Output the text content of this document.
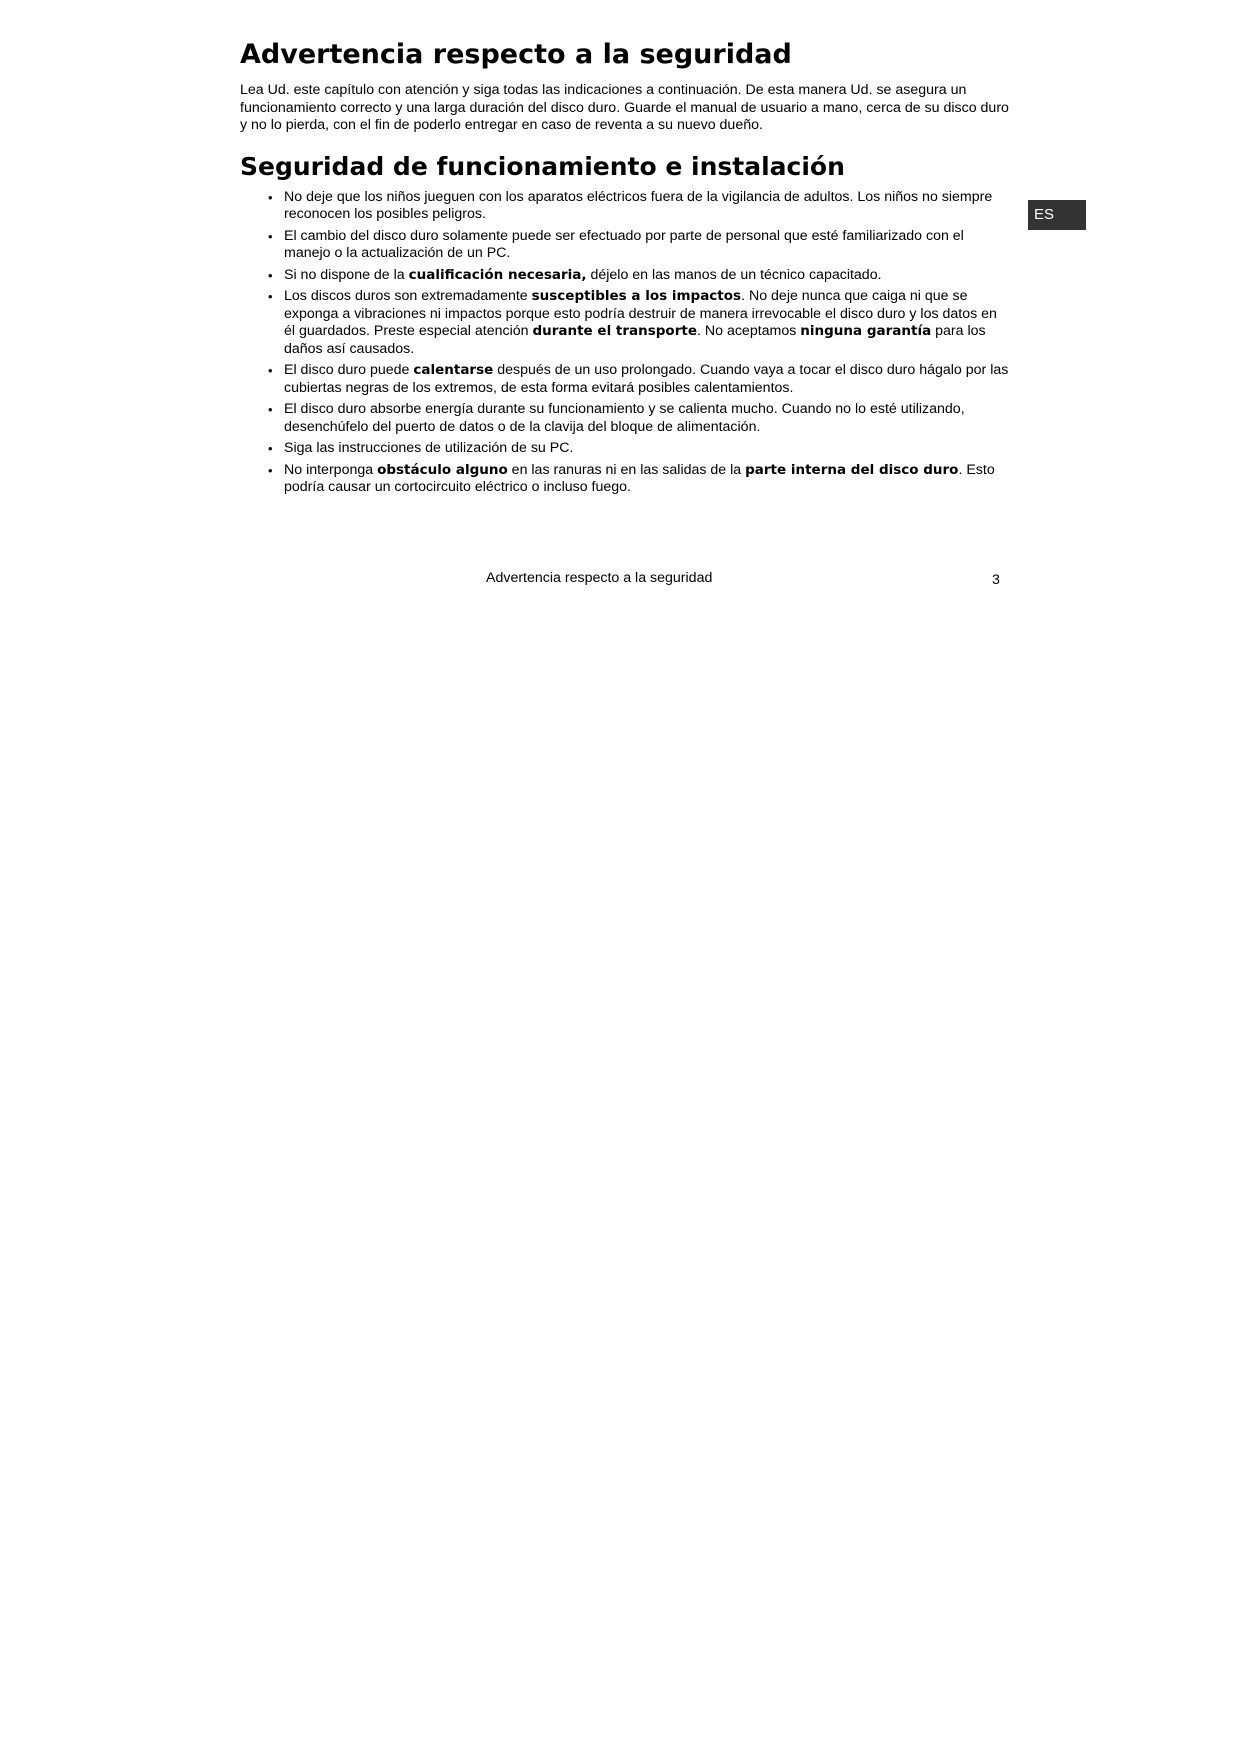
Advertencia respecto a la seguridad

Lea Ud. este capítulo con atención y siga todas las indicaciones a continuación. De esta manera Ud. se asegura un funcionamiento correcto y una larga duración del disco duro. Guarde el manual de usuario a mano, cerca de su disco duro y no lo pierda, con el fin de poderlo entregar en caso de reventa a su nuevo dueño.

Seguridad de funcionamiento e instalación
• No deje que los niños jueguen con los aparatos eléctricos fuera de la vigilancia de adultos. Los niños no siempre reconocen los posibles peligros.
• El cambio del disco duro solamente puede ser efectuado por parte de personal que esté familiarizado con el manejo o la actualización de un PC.
• Si no dispone de la cualificación necesaria, déjelo en las manos de un técnico capacitado.
• Los discos duros son extremadamente susceptibles a los impactos. No deje nunca que caiga ni que se exponga a vibraciones ni impactos porque esto podría destruir de manera irrevocable el disco duro y los datos en él guardados. Preste especial atención durante el transporte. No aceptamos ninguna garantía para los daños así causados.
• El disco duro puede calentarse después de un uso prolongado. Cuando vaya a tocar el disco duro hágalo por las cubiertas negras de los extremos, de esta forma evitará posibles calentamientos.
• El disco duro absorbe energía durante su funcionamiento y se calienta mucho. Cuando no lo esté utilizando, desenchúfelo del puerto de datos o de la clavija del bloque de alimentación.
• Siga las instrucciones de utilización de su PC.
• No interponga obstáculo alguno en las ranuras ni en las salidas de la parte interna del disco duro. Esto podría causar un cortocircuito eléctrico o incluso fuego.
ES
Advertencia respecto a la seguridad	3
